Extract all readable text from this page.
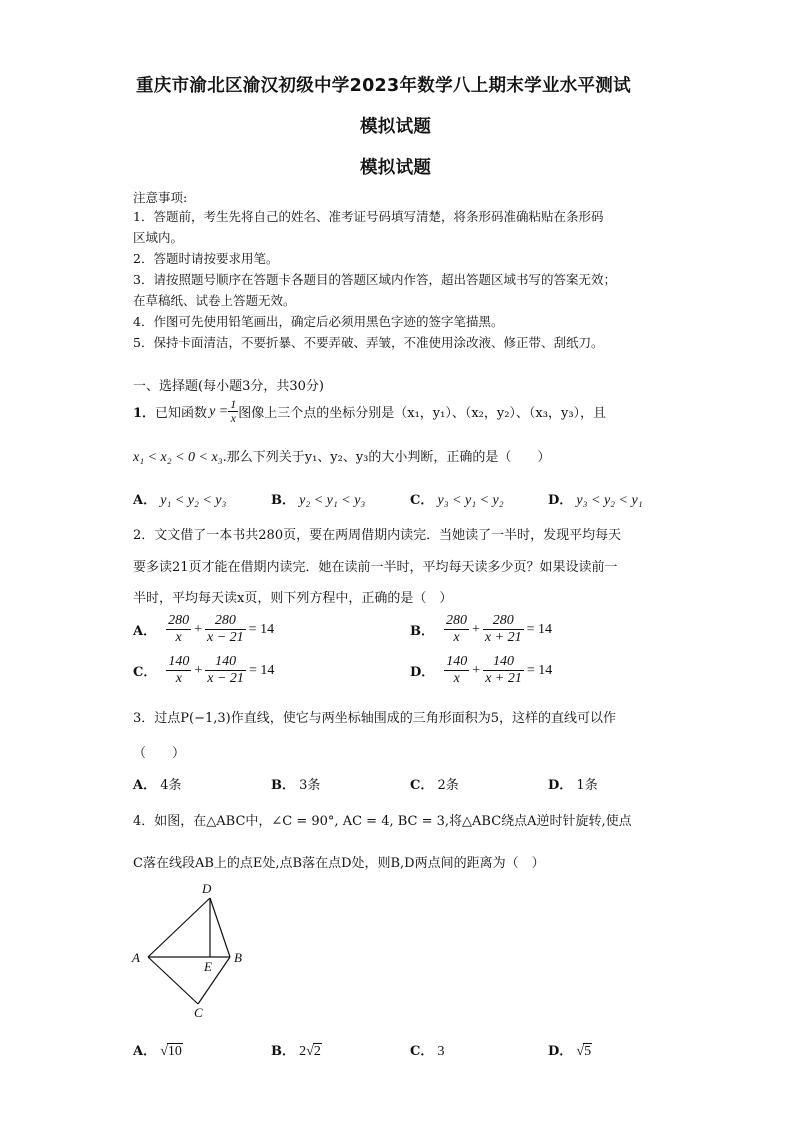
重庆市渝北区渝汉初级中学2023年数学八上期末学业水平测试
模拟试题
模拟试题
注意事项:
1．答题前，考生先将自己的姓名、准考证号码填写清楚，将条形码准确粘贴在条形码
区域内。
2．答题时请按要求用笔。
3．请按照题号顺序在答题卡各题目的答题区域内作答，超出答题区域书写的答案无效；
在草稿纸、试卷上答题无效。
4．作图可先使用铅笔画出，确定后必须用黑色字迹的签字笔描黑。
5．保持卡面清洁，不要折暴、不要弄破、弄皱，不准使用涂改液、修正带、刮纸刀。
一、选择题(每小题3分，共30分)
1． 已知函数 $y = \frac{1}{x}$ 图像上三个点的坐标分别是（x₁，y₁）、（x₂，y₂）、（x₃，y₃），且
x₁ < x₂ < 0 < x₃.那么下列关于y₁、y₂、y₃的大小判断，正确的是（　　）
A． y₁ < y₂ < y₃	B． y₂ < y₁ < y₃	C． y₃ < y₁ < y₂	D． y₃ < y₂ < y₁
2．文文借了一本书共280页，要在两周借期内读完．当她读了一半时，发现平均每天
要多读21页才能在借期内读完．她在读前一半时，平均每天读多少页？如果设读前一
半时，平均每天读x页，则下列方程中，正确的是（　）
A． $\frac{280}{x} + \frac{280}{x - 21} = 14$	B． $\frac{280}{x} + \frac{280}{x + 21} = 14$
C． $\frac{140}{x} + \frac{140}{x - 21} = 14$	D． $\frac{140}{x} + \frac{140}{x + 21} = 14$
3．过点P(−1,3)作直线，使它与两坐标轴围成的三角形面积为5，这样的直线可以作
（　　）
A． 4条	B． 3条	C． 2条	D． 1条
4．如图，在△ABC中，∠C = 90°, AC = 4, BC = 3,将△ABC绕点A逆时针旋转,使点
C落在线段AB上的点E处,点B落在点D处，则B,D两点间的距离为（　）
D
A
E
B
C
A． √10	B． 2√2	C． 3	D． √5
